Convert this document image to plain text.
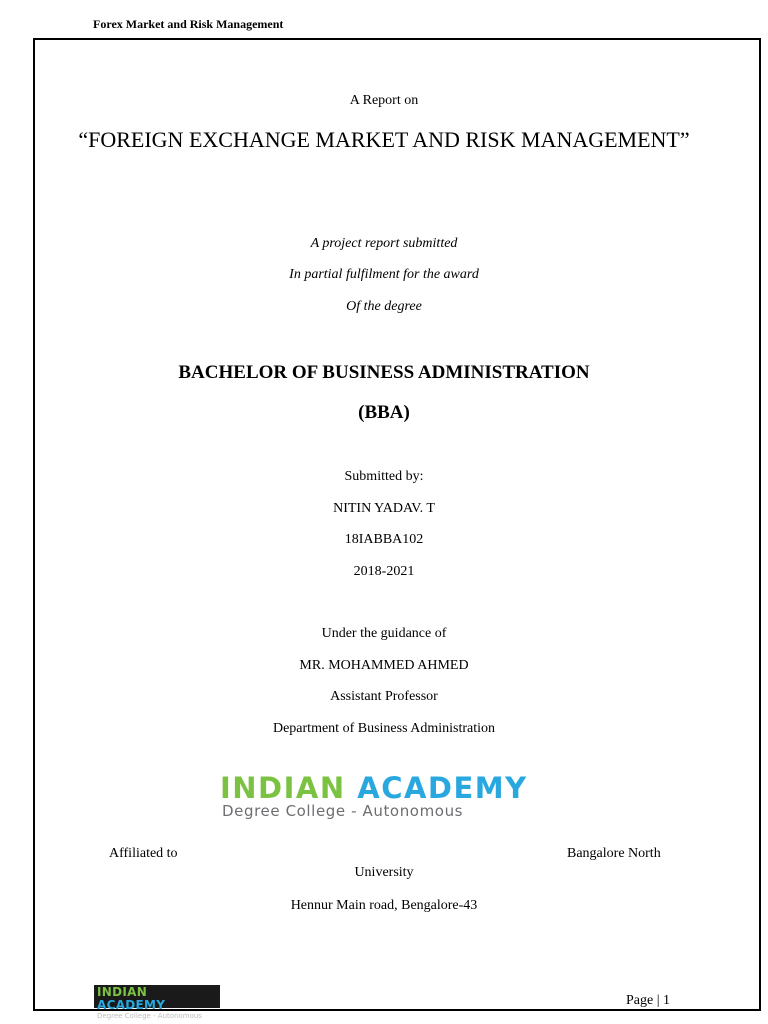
Forex Market and Risk Management
A Report on
“FOREIGN EXCHANGE MARKET AND RISK MANAGEMENT”
A project report submitted
In partial fulfilment for the award
Of the degree
BACHELOR OF BUSINESS ADMINISTRATION
(BBA)
Submitted by:
NITIN YADAV. T
18IABBA102
2018-2021
Under the guidance of
MR. MOHAMMED AHMED
Assistant Professor
Department of Business Administration
INDIAN ACADEMY
Degree College - Autonomous
Affiliated to	Bangalore North
University
Hennur Main road, Bengalore-43
INDIAN ACADEMY
Degree College - Autonomous
Page | 1
